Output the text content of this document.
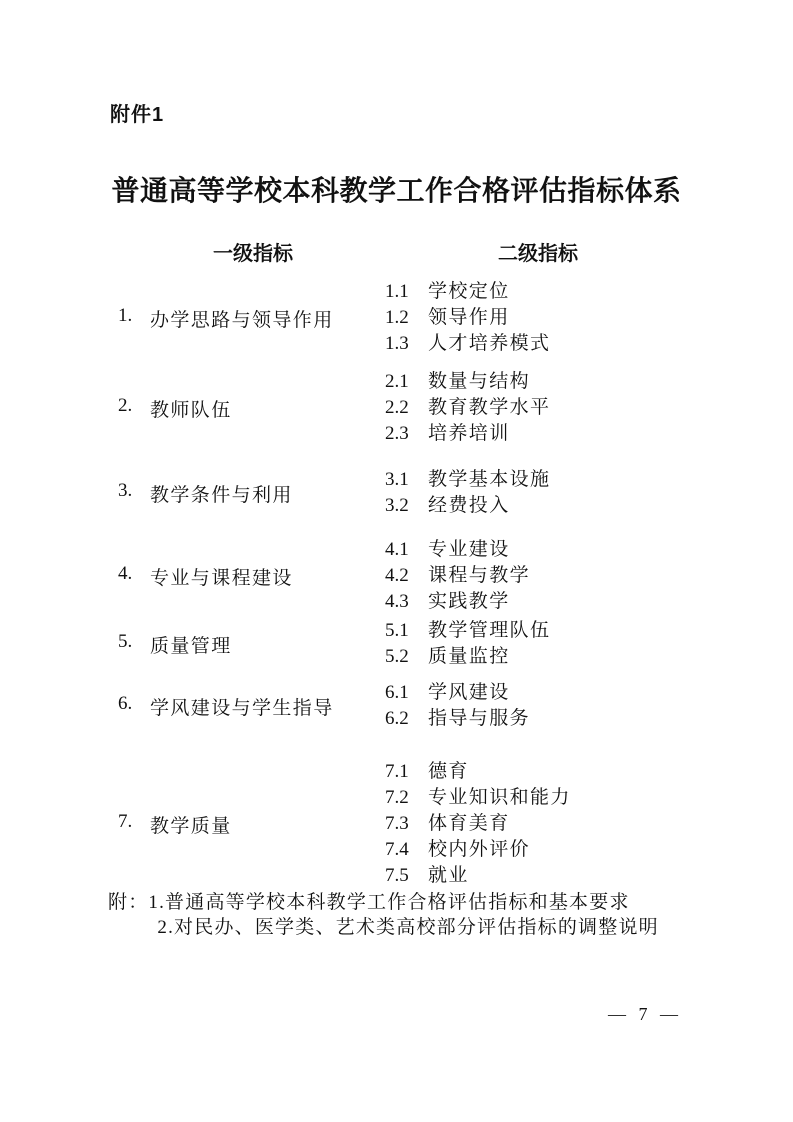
附件1
普通高等学校本科教学工作合格评估指标体系
一级指标	二级指标
1. 办学思路与领导作用
1.1	学校定位
1.2	领导作用
1.3	人才培养模式
2. 教师队伍
2.1	数量与结构
2.2	教育教学水平
2.3	培养培训
3. 教学条件与利用
3.1	教学基本设施
3.2	经费投入
4. 专业与课程建设
4.1	专业建设
4.2	课程与教学
4.3	实践教学
5. 质量管理
5.1	教学管理队伍
5.2	质量监控
6. 学风建设与学生指导
6.1	学风建设
6.2	指导与服务
7. 教学质量
7.1	德育
7.2	专业知识和能力
7.3	体育美育
7.4	校内外评价
7.5	就业
附： 1.普通高等学校本科教学工作合格评估指标和基本要求
2.对民办、医学类、艺术类高校部分评估指标的调整说明
— 7 —
